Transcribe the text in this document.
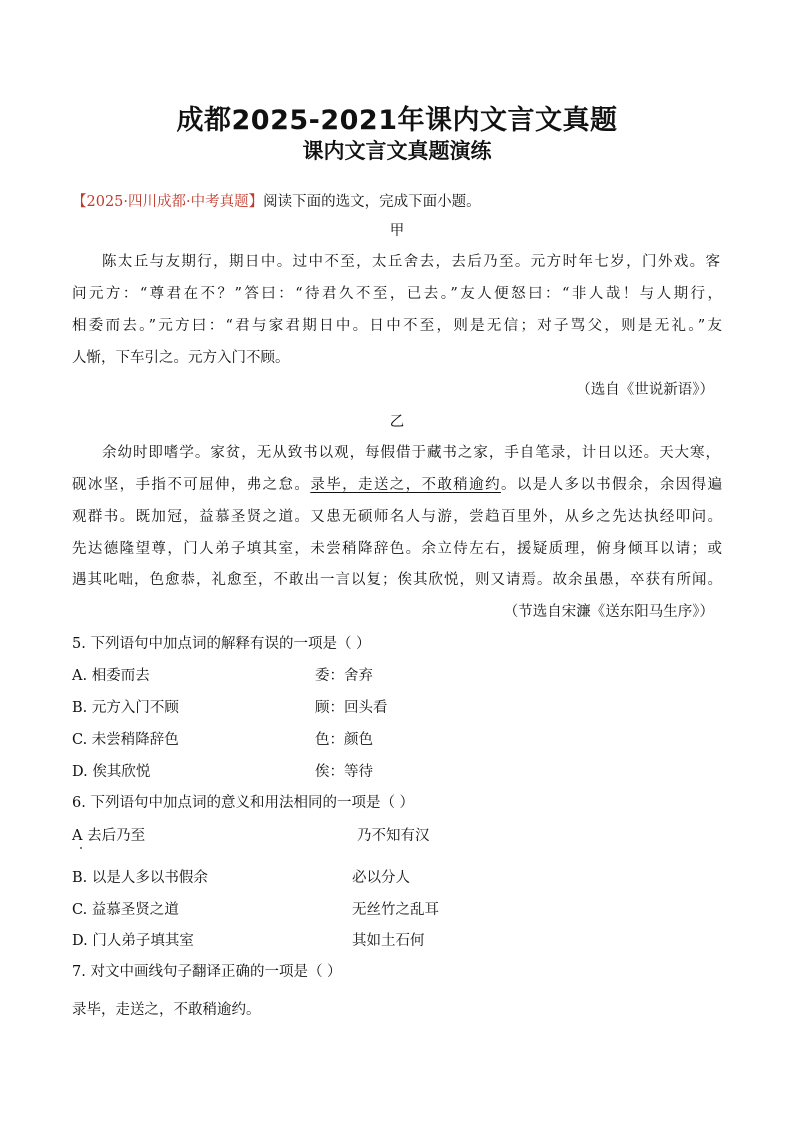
成都2025-2021年课内文言文真题
课内文言文真题演练
【2025·四川成都·中考真题】阅读下面的选文，完成下面小题。
甲
陈太丘与友期行，期日中。过中不至，太丘舍去，去后乃至。元方时年七岁，门外戏。客
问元方：“尊君在不？”答曰：“待君久不至，已去。”友人便怒曰：“非人哉！与人期行，
相委而去。”元方曰：“君与家君期日中。日中不至，则是无信；对子骂父，则是无礼。”友
人惭，下车引之。元方入门不顾。
（选自《世说新语》）
乙
余幼时即嗜学。家贫，无从致书以观，每假借于藏书之家，手自笔录，计日以还。天大寒，
砚冰坚，手指不可屈伸，弗之怠。录毕，走送之，不敢稍逾约。以是人多以书假余，余因得遍
观群书。既加冠，益慕圣贤之道。又患无硕师名人与游，尝趋百里外，从乡之先达执经叩问。
先达德隆望尊，门人弟子填其室，未尝稍降辞色。余立侍左右，援疑质理，俯身倾耳以请；或
遇其叱咄，色愈恭，礼愈至，不敢出一言以复；俟其欣悦，则又请焉。故余虽愚，卒获有所闻。
（节选自宋濂《送东阳马生序》）
5. 下列语句中加点词的解释有误的一项是（ ）
A. 相委而去	委：舍弃
B. 元方入门不顾	顾：回头看
C. 未尝稍降辞色	色：颜色
D. 俟其欣悦	俟：等待
6. 下列语句中加点词的意义和用法相同的一项是（ ）
A 去后乃至	乃不知有汉
B. 以是人多以书假余	必以分人
C. 益慕圣贤之道	无丝竹之乱耳
D. 门人弟子填其室	其如土石何
7. 对文中画线句子翻译正确的一项是（ ）
录毕，走送之，不敢稍逾约。
